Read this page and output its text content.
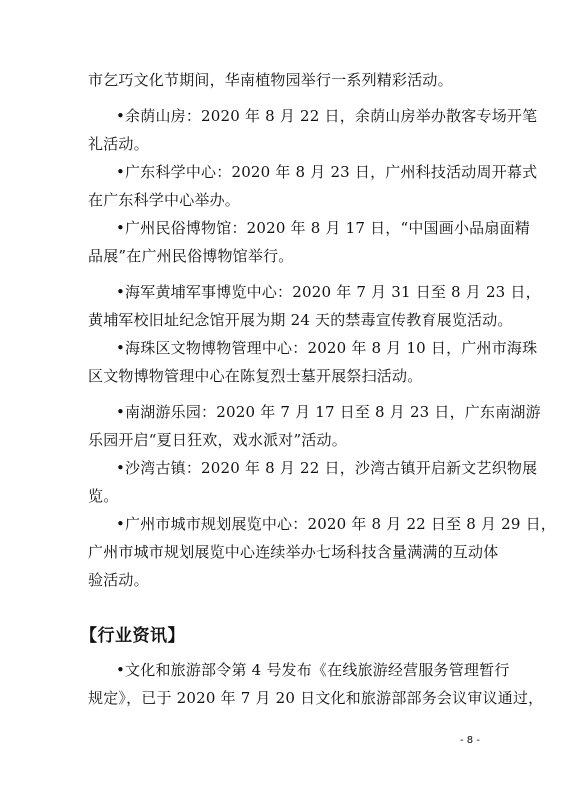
市乞巧文化节期间，华南植物园举行一系列精彩活动。
•余荫山房：2020 年 8 月 22 日，余荫山房举办散客专场开笔
礼活动。
•广东科学中心：2020 年 8 月 23 日，广州科技活动周开幕式
在广东科学中心举办。
•广州民俗博物馆：2020 年 8 月 17 日，“中国画小品扇面精
品展”在广州民俗博物馆举行。
•海军黄埔军事博览中心：2020 年 7 月 31 日至 8 月 23 日，
黄埔军校旧址纪念馆开展为期 24 天的禁毒宣传教育展览活动。
•海珠区文物博物管理中心：2020 年 8 月 10 日，广州市海珠
区文物博物管理中心在陈复烈士墓开展祭扫活动。
•南湖游乐园：2020 年 7 月 17 日至 8 月 23 日，广东南湖游
乐园开启“夏日狂欢，戏水派对”活动。
•沙湾古镇：2020 年 8 月 22 日，沙湾古镇开启新文艺织物展
览。
•广州市城市规划展览中心：2020 年 8 月 22 日至 8 月 29 日，
广州市城市规划展览中心连续举办七场科技含量满满的互动体
验活动。
【行业资讯】
•文化和旅游部令第 4 号发布《在线旅游经营服务管理暂行
规定》，已于 2020 年 7 月 20 日文化和旅游部部务会议审议通过，
- 8 -
